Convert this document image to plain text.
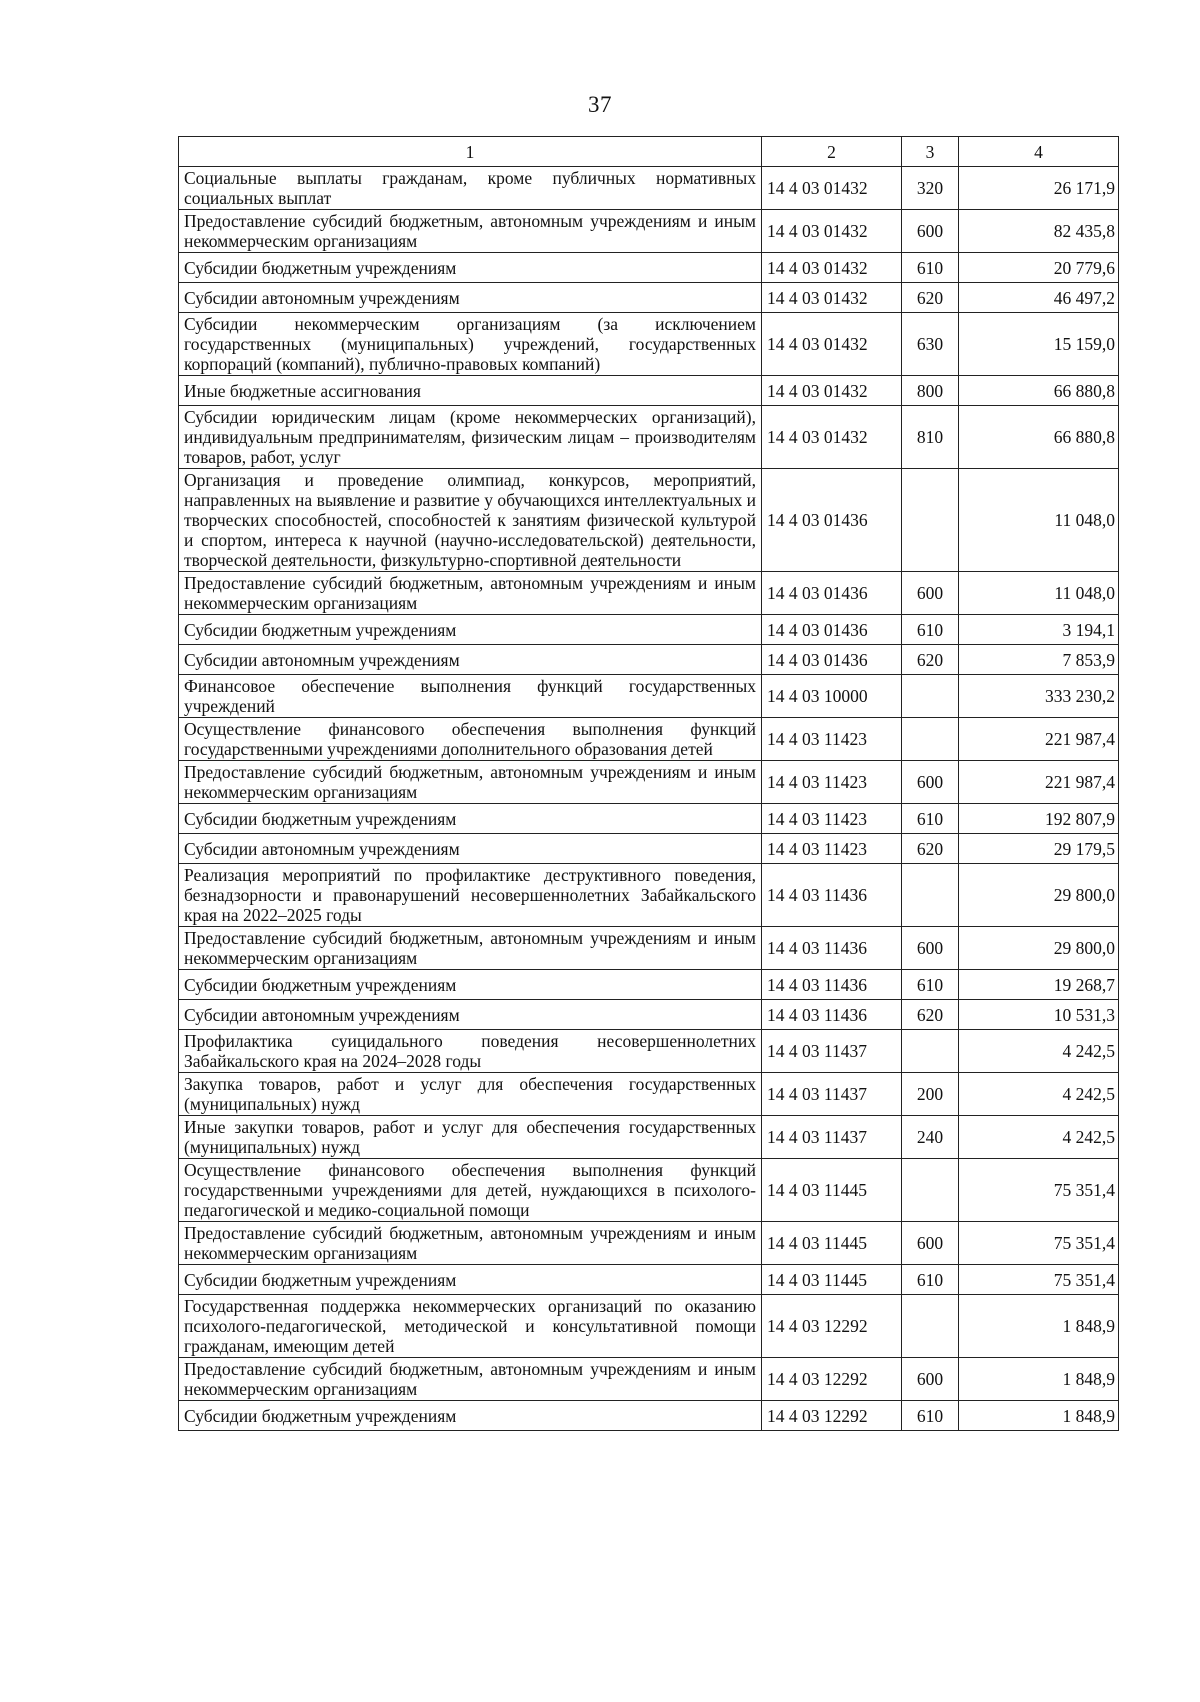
37
1	2	3	4
Социальные выплаты гражданам, кроме публичных нормативных социальных выплат	14 4 03 01432	320	26 171,9
Предоставление субсидий бюджетным, автономным учреждениям и иным некоммерческим организациям	14 4 03 01432	600	82 435,8
Субсидии бюджетным учреждениям	14 4 03 01432	610	20 779,6
Субсидии автономным учреждениям	14 4 03 01432	620	46 497,2
Субсидии некоммерческим организациям (за исключением государственных (муниципальных) учреждений, государственных корпораций (компаний), публично-правовых компаний)	14 4 03 01432	630	15 159,0
Иные бюджетные ассигнования	14 4 03 01432	800	66 880,8
Субсидии юридическим лицам (кроме некоммерческих организаций), индивидуальным предпринимателям, физическим лицам – производителям товаров, работ, услуг	14 4 03 01432	810	66 880,8
Организация и проведение олимпиад, конкурсов, мероприятий, направленных на выявление и развитие у обучающихся интеллектуальных и творческих способностей, способностей к занятиям физической культурой и спортом, интереса к научной (научно-исследовательской) деятельности, творческой деятельности, физкультурно-спортивной деятельности	14 4 03 01436		11 048,0
Предоставление субсидий бюджетным, автономным учреждениям и иным некоммерческим организациям	14 4 03 01436	600	11 048,0
Субсидии бюджетным учреждениям	14 4 03 01436	610	3 194,1
Субсидии автономным учреждениям	14 4 03 01436	620	7 853,9
Финансовое обеспечение выполнения функций государственных учреждений	14 4 03 10000		333 230,2
Осуществление финансового обеспечения выполнения функций государственными учреждениями дополнительного образования детей	14 4 03 11423		221 987,4
Предоставление субсидий бюджетным, автономным учреждениям и иным некоммерческим организациям	14 4 03 11423	600	221 987,4
Субсидии бюджетным учреждениям	14 4 03 11423	610	192 807,9
Субсидии автономным учреждениям	14 4 03 11423	620	29 179,5
Реализация мероприятий по профилактике деструктивного поведения, безнадзорности и правонарушений несовершеннолетних Забайкальского края на 2022–2025 годы	14 4 03 11436		29 800,0
Предоставление субсидий бюджетным, автономным учреждениям и иным некоммерческим организациям	14 4 03 11436	600	29 800,0
Субсидии бюджетным учреждениям	14 4 03 11436	610	19 268,7
Субсидии автономным учреждениям	14 4 03 11436	620	10 531,3
Профилактика суицидального поведения несовершеннолетних Забайкальского края на 2024–2028 годы	14 4 03 11437		4 242,5
Закупка товаров, работ и услуг для обеспечения государственных (муниципальных) нужд	14 4 03 11437	200	4 242,5
Иные закупки товаров, работ и услуг для обеспечения государственных (муниципальных) нужд	14 4 03 11437	240	4 242,5
Осуществление финансового обеспечения выполнения функций государственными учреждениями для детей, нуждающихся в психолого-педагогической и медико-социальной помощи	14 4 03 11445		75 351,4
Предоставление субсидий бюджетным, автономным учреждениям и иным некоммерческим организациям	14 4 03 11445	600	75 351,4
Субсидии бюджетным учреждениям	14 4 03 11445	610	75 351,4
Государственная поддержка некоммерческих организаций по оказанию психолого-педагогической, методической и консультативной помощи гражданам, имеющим детей	14 4 03 12292		1 848,9
Предоставление субсидий бюджетным, автономным учреждениям и иным некоммерческим организациям	14 4 03 12292	600	1 848,9
Субсидии бюджетным учреждениям	14 4 03 12292	610	1 848,9
